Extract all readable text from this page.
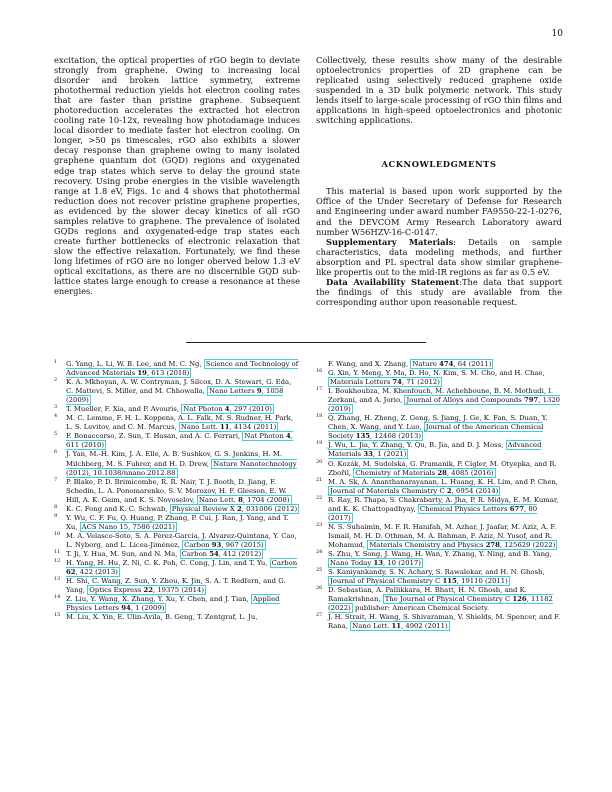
10

excitation, the optical properties of rGO begin to deviate strongly from graphene. Owing to increasing local disorder and broken lattice symmetry, extreme photothermal reduction yields hot electron cooling rates that are faster than pristine graphene. Subsequent photoreduction accelerates the extracted hot electron cooling rate 10-12x, revealing how photodamage induces local disorder to mediate faster hot electron cooling. On longer, >50 ps timescales, rGO also exhibits a slower decay response than graphene owing to many isolated graphene quantum dot (GQD) regions and oxygenated edge trap states which serve to delay the ground state recovery. Using probe energies in the visible wavelength range at 1.8 eV, Figs. 1c and 4 shows that photothermal reduction does not recover pristine graphene properties, as evidenced by the slower decay kinetics of all rGO samples relative to graphene. The prevalence of isolated GQDs regions and oxygenated-edge trap states each create further bottlenecks of electronic relaxation that slow the effective relaxation. Fortunately, we find these long lifetimes of rGO are no longer oberved below 1.3 eV optical excitations, as there are no discernible GQD sub-lattice states large enough to crease a resonance at these energies.

Collectively, these results show many of the desirable optoelectronics properties of 2D graphene can be replicated using selectively reduced graphene oxide suspended in a 3D bulk polymeric network. This study lends itself to large-scale processing of rGO thin films and applications in high-speed optoelectronics and photonic switching applications.

ACKNOWLEDGMENTS

This material is based upon work supported by the Office of the Under Secretary of Defense for Research and Engineering under award number FA9550-22-1-0276, and the DEVCOM Army Research Laboratory award number W56HZV-16-C-0147.

Supplementary Materials: Details on sample characteristics, data modeling methods, and further absorption and PL spectral data show similar graphene-like propertis out to the mid-IR regions as far as 0.5 eV.

Data Availability Statement:The data that support the findings of this study are available from the corresponding author upon reasonable request.

1 G. Yang, L. Li, W. B. Lee, and M. C. Ng, Science and Technology of Advanced Materials 19, 613 (2018)

2 K. A. Mkhoyan, A. W. Contryman, J. Silcox, D. A. Stewart, G. Eda, C. Mattevi, S. Miller, and M. Chhowalla, Nano Letters 9, 1058 (2009)

3 T. Mueller, F. Xia, and P. Avouris, Nat Photon 4, 297 (2010)

4 M. C. Lemme, F. H. L. Koppens, A. L. Falk, M. S. Rudner, H. Park, L. S. Levitov, and C. M. Marcus, Nano Lett. 11, 4134 (2011)

5 F. Bonaccorso, Z. Sun, T. Hasan, and A. C. Ferrari, Nat Photon 4, 611 (2010)

6 J. Yan, M.-H. Kim, J. A. Elle, A. B. Sushkov, G. S. Jenkins, H. M. Milchberg, M. S. Fuhrer, and H. D. Drew, Nature Nanotechnology (2012), 10.1038/nnano.2012.88

7 P. Blake, P. D. Brimicombe, R. R. Nair, T. J. Booth, D. Jiang, F. Schedin, L. A. Ponomarenko, S. V. Morozov, H. F. Gleeson, E. W. Hill, A. K. Geim, and K. S. Novoselov, Nano Lett. 8, 1704 (2008)

8 K. C. Fong and K. C. Schwab, Physical Review X 2, 031006 (2012)

9 Y. Wu, C. F. Fu, Q. Huang, P. Zhang, P. Cui, J. Ran, J. Yang, and T. Xu, ACS Nano 15, 7586 (2021)

10 M. A. Velasco-Soto, S. A. Pérez-García, J. Alvarez-Quintana, Y. Cao, L. Nyborg, and L. Licea-Jiménez, Carbon 93, 967 (2015)

11 T. Ji, Y. Hua, M. Sun, and N. Ma, Carbon 54, 412 (2012)

12 H. Yang, H. Hu, Z. Ni, C. K. Poh, C. Cong, J. Lin, and T. Yu, Carbon 62, 422 (2013)

13 H. Shi, C. Wang, Z. Sun, Y. Zhou, K. Jin, S. A. T. Redfern, and G. Yang, Optics Express 22, 19375 (2014)

14 Z. Liu, Y. Wang, X. Zhang, Y. Xu, Y. Chen, and J. Tian, Applied Physics Letters 94, 1 (2009)

15 M. Liu, X. Yin, E. Ulin-Avila, B. Geng, T. Zentgraf, L. Ju,

F. Wang, and X. Zhang, Nature 474, 64 (2011)

16 G. Xin, Y. Meng, Y. Ma, D. Ho, N. Kim, S. M. Cho, and H. Chae, Materials Letters 74, 71 (2012)

17 I. Boukhoubza, M. Khenfouch, M. Achehboune, B. M. Mothudi, I. Zorkani, and A. Jorio, Journal of Alloys and Compounds 797, 1320 (2019)

18 Q. Zhang, H. Zheng, Z. Geng, S. Jiang, J. Ge, K. Fan, S. Duan, Y. Chen, X. Wang, and Y. Luo, Journal of the American Chemical Society 135, 12468 (2013)

19 J. Wu, L. Jia, Y. Zhang, Y. Qu, B. Jia, and D. J. Moss, Advanced Materials 33, 1 (2021)

20 O. Kozák, M. Sudolská, G. Pramanik, P. Cígler, M. Otyepka, and R. Zbořil, Chemistry of Materials 28, 4085 (2016)

21 M. A. Sk, A. Ananthanarayanan, L. Huang, K. H. Lim, and P. Chen, Journal of Materials Chemistry C 2, 6954 (2014)

22 R. Ray, R. Thapa, S. Chakrabarty, A. Jha, P. R. Midya, E. M. Kumar, and K. K. Chattopadhyay, Chemical Physics Letters 677, 80 (2017)

23 N. S. Suhaimin, M. F. R. Hanifah, M. Azhar, J. Jaafar, M. Aziz, A. F. Ismail, M. H. D. Othman, M. A. Rahman, F. Aziz, N. Yusof, and R. Mohamud, Materials Chemistry and Physics 278, 125629 (2022)

24 S. Zhu, Y. Song, J. Wang, H. Wan, Y. Zhang, Y. Ning, and B. Yang, Nano Today 13, 10 (2017)

25 S. Kaniyankandy, S. N. Achary, S. Rawalekar, and H. N. Ghosh, Journal of Physical Chemistry C 115, 19110 (2011)

26 D. Sebastian, A. Pallikkara, H. Bhatt, H. N. Ghosh, and K. Ramakrishnan, The Journal of Physical Chemistry C 126, 11182 (2022) publisher: American Chemical Society.

27 J. H. Strait, H. Wang, S. Shivaraman, V. Shields, M. Spencer, and F. Rana, Nano Lett. 11, 4902 (2011)
